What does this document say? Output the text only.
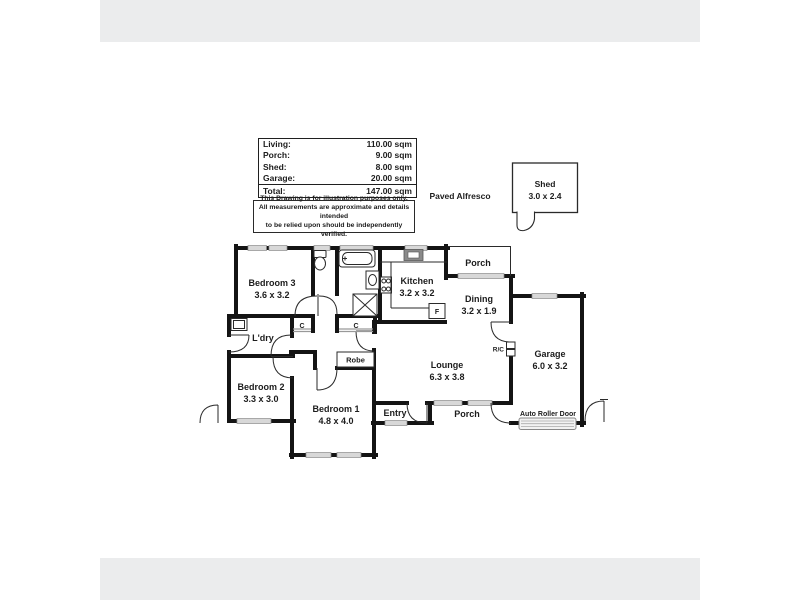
Living:	110.00 sqm
Porch:	9.00 sqm
Shed:	8.00 sqm
Garage:	20.00 sqm
Total:	147.00 sqm
This Drawing is for illustration purposes only.
All measurements are approximate and details intended
to be relied upon should be independently verified.
Shed
3.0 x 2.4
Paved Alfresco
Bedroom 3
3.6 x 3.2
L'dry
Bedroom 2
3.3 x 3.0
Bedroom 1
4.8 x 4.0
Kitchen
3.2 x 3.2
Dining
3.2 x 1.9
Lounge
6.3 x 3.8
Garage
6.0 x 3.2
Entry
Porch
Porch
Robe
C	C
F
R/C
Auto Roller Door
